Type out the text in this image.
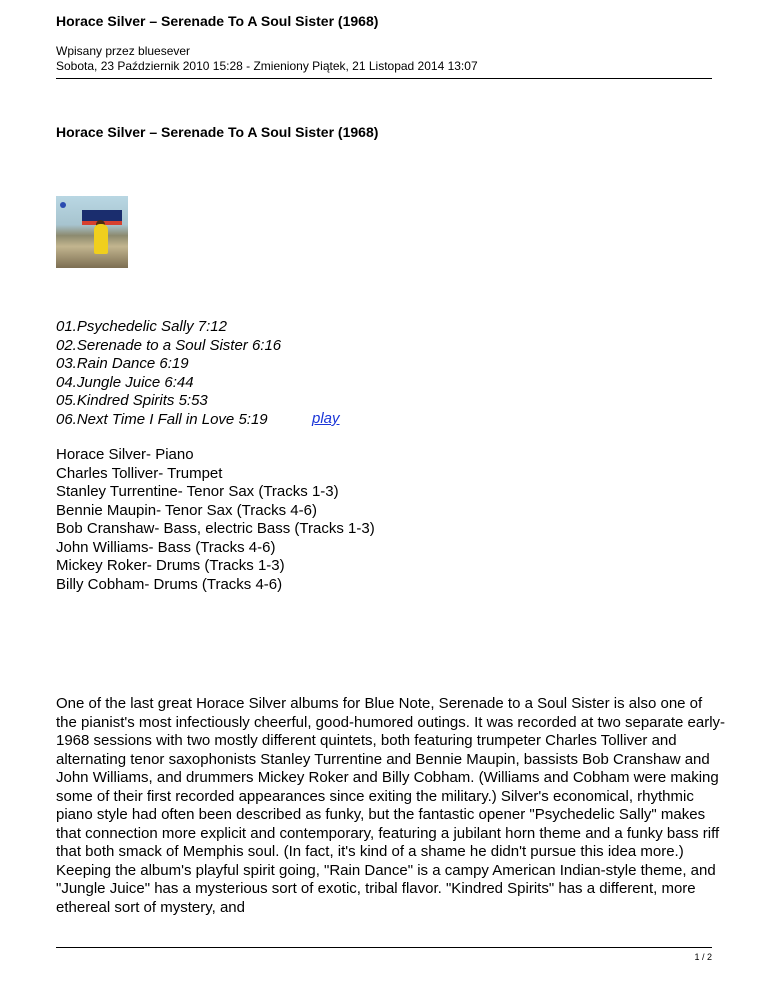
Horace Silver – Serenade To A Soul Sister (1968)
Wpisany przez bluesever
Sobota, 23 Październik 2010 15:28 - Zmieniony Piątek, 21 Listopad 2014 13:07
Horace Silver – Serenade To A Soul Sister (1968)
01.Psychedelic Sally 7:12
02.Serenade to a Soul Sister 6:16
03.Rain Dance 6:19
04.Jungle Juice 6:44
05.Kindred Spirits 5:53
06.Next Time I Fall in Love 5:19	play
Horace Silver- Piano
Charles Tolliver- Trumpet
Stanley Turrentine- Tenor Sax (Tracks 1-3)
Bennie Maupin- Tenor Sax (Tracks 4-6)
Bob Cranshaw- Bass, electric Bass (Tracks 1-3)
John Williams- Bass (Tracks 4-6)
Mickey Roker- Drums (Tracks 1-3)
Billy Cobham- Drums (Tracks 4-6)
One of the last great Horace Silver albums for Blue Note, Serenade to a Soul Sister is also one of the pianist's most infectiously cheerful, good-humored outings. It was recorded at two separate early-1968 sessions with two mostly different quintets, both featuring trumpeter Charles Tolliver and alternating tenor saxophonists Stanley Turrentine and Bennie Maupin, bassists Bob Cranshaw and John Williams, and drummers Mickey Roker and Billy Cobham. (Williams and Cobham were making some of their first recorded appearances since exiting the military.) Silver's economical, rhythmic piano style had often been described as funky, but the fantastic opener "Psychedelic Sally" makes that connection more explicit and contemporary, featuring a jubilant horn theme and a funky bass riff that both smack of Memphis soul. (In fact, it's kind of a shame he didn't pursue this idea more.) Keeping the album's playful spirit going, "Rain Dance" is a campy American Indian-style theme, and "Jungle Juice" has a mysterious sort of exotic, tribal flavor. "Kindred Spirits" has a different, more ethereal sort of mystery, and
1 / 2
